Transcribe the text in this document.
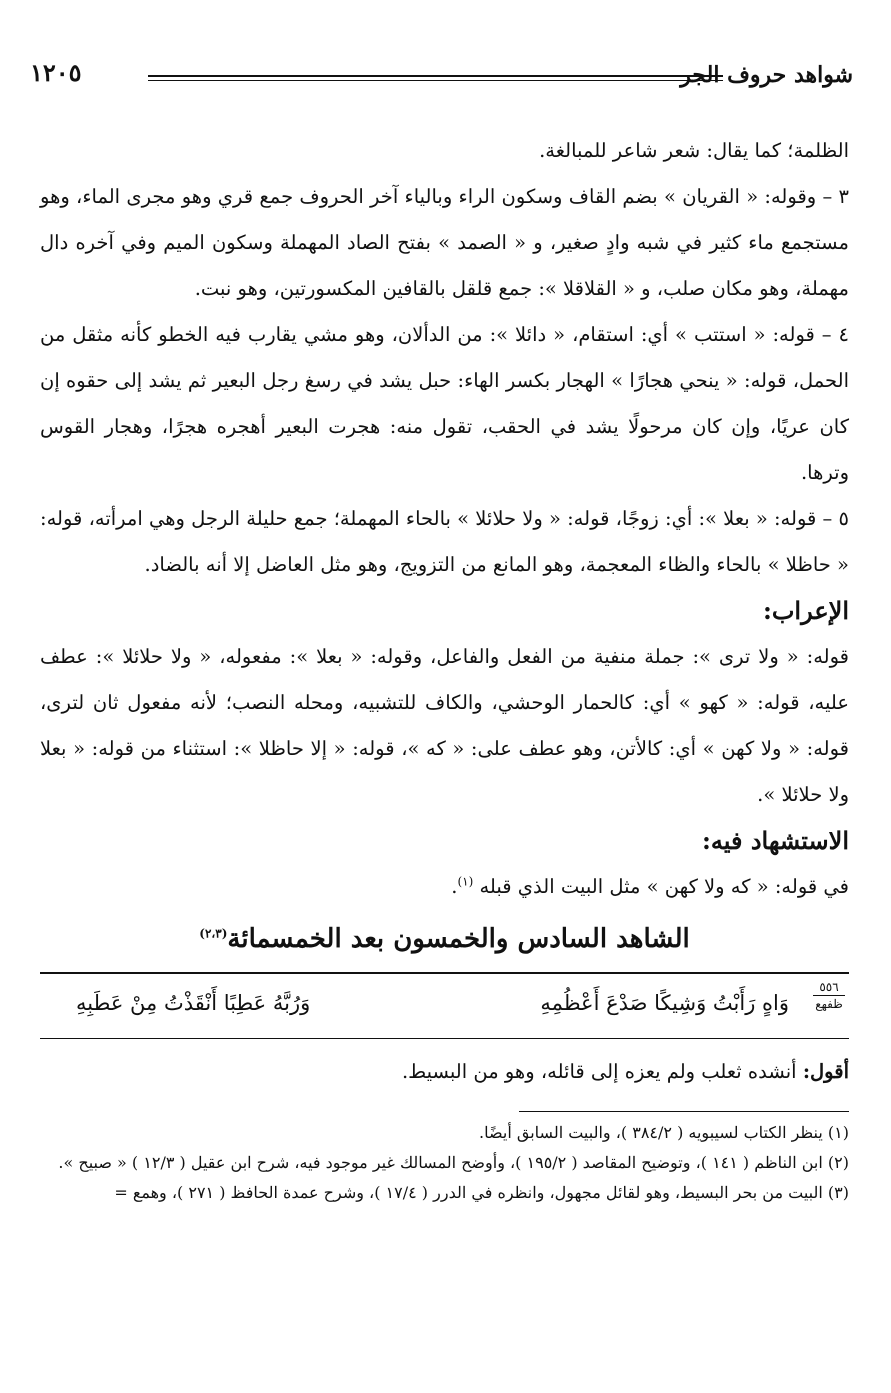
شواهد حروف الجر
١٢٠٥

الظلمة؛ كما يقال: شعر شاعر للمبالغة.

٣ – وقوله: « القريان » بضم القاف وسكون الراء وبالياء آخر الحروف جمع قري وهو مجرى الماء، وهو مستجمع ماء كثير في شبه وادٍ صغير، و « الصمد » بفتح الصاد المهملة وسكون الميم وفي آخره دال مهملة، وهو مكان صلب، و « القلاقلا »: جمع قلقل بالقافين المكسورتين، وهو نبت.

٤ – قوله: « استتب » أي: استقام، « دائلا »: من الدألان، وهو مشي يقارب فيه الخطو كأنه مثقل من الحمل، قوله: « ينحي هجارًا » الهجار بكسر الهاء: حبل يشد في رسغ رجل البعير ثم يشد إلى حقوه إن كان عريًا، وإن كان مرحولًا يشد في الحقب، تقول منه: هجرت البعير أهجره هجرًا، وهجار القوس وترها.

٥ – قوله: « بعلا »: أي: زوجًا، قوله: « ولا حلائلا » بالحاء المهملة؛ جمع حليلة الرجل وهي امرأته، قوله: « حاظلا » بالحاء والظاء المعجمة، وهو المانع من التزويج، وهو مثل العاضل إلا أنه بالضاد.

الإعراب:

قوله: « ولا ترى »: جملة منفية من الفعل والفاعل، وقوله: « بعلا »: مفعوله، « ولا حلائلا »: عطف عليه، قوله: « كهو » أي: كالحمار الوحشي، والكاف للتشبيه، ومحله النصب؛ لأنه مفعول ثان لترى، قوله: « ولا كهن » أي: كالأتن، وهو عطف على: « كه »، قوله: « إلا حاظلا »: استثناء من قوله: « بعلا ولا حلائلا ».

الاستشهاد فيه:

في قوله: « كه ولا كهن » مثل البيت الذي قبله $^{(١)}$.

الشاهد السادس والخمسون بعد الخمسمائة$^{(٢،٣)}$
٥٥٦
ظفهع
وَاهٍ رَأَبْتُ وَشِيكًا صَدْعَ أَعْظُمِهِ
وَرُبَّهُ عَطِبًا أَنْقَذْتُ مِنْ عَطَبِهِ

أقول: أنشده ثعلب ولم يعزه إلى قائله، وهو من البسيط.

(١) ينظر الكتاب لسيبويه ( ٣٨٤/٢ )، والبيت السابق أيضًا.

(٢) ابن الناظم ( ١٤١ )، وتوضيح المقاصد ( ١٩٥/٢ )، وأوضح المسالك غير موجود فيه، شرح ابن عقيل ( ١٢/٣ ) « صبيح ».

(٣) البيت من بحر البسيط، وهو لقائل مجهول، وانظره في الدرر ( ١٧/٤ )، وشرح عمدة الحافظ ( ٢٧١ )، وهمع =
